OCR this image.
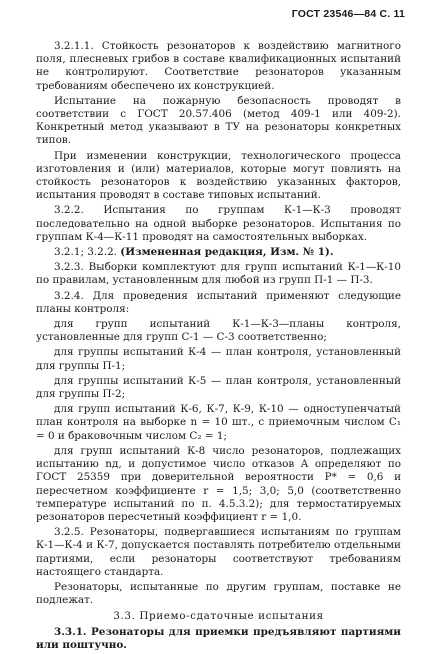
ГОСТ 23546—84 С. 11

3.2.1.1. Стойкость резонаторов к воздействию магнитного поля, плесневых грибов в составе квалификационных испытаний не контролируют. Соответствие резонаторов указанным требованиям обеспечено их конструкцией.

Испытание на пожарную безопасность проводят в соответствии с ГОСТ 20.57.406 (метод 409-1 или 409-2). Конкретный метод указывают в ТУ на резонаторы конкретных типов.

При изменении конструкции, технологического процесса изготовления и (или) материалов, которые могут повлиять на стойкость резонаторов к воздействию указанных факторов, испытания проводят в составе типовых испытаний.

3.2.2. Испытания по группам К-1—К-3 проводят последовательно на одной выборке резонаторов. Испытания по группам К-4—К-11 проводят на самостоятельных выборках.

3.2.1; 3.2.2. (Измененная редакция, Изм. № 1).

3.2.3. Выборки комплектуют для групп испытаний К-1—К-10 по правилам, установленным для любой из групп П-1 — П-3.

3.2.4. Для проведения испытаний применяют следующие планы контроля:

для групп испытаний К-1—К-3—планы контроля, установленные для групп С-1 — С-3 соответственно;

для группы испытаний К-4 — план контроля, установленный для группы П-1;

для группы испытаний К-5 — план контроля, установленный для группы П-2;

для групп испытаний К-6, К-7, К-9, К-10 — одноступенчатый план контроля на выборке n = 10 шт., с приемочным числом C₁ = 0 и браковочным числом C₂ = 1;

для групп испытаний К-8 число резонаторов, подлежащих испытанию nд, и допустимое число отказов A определяют по ГОСТ 25359 при доверительной вероятности P* = 0,6 и пересчетном коэффициенте r = 1,5; 3,0; 5,0 (соответственно температуре испытаний по п. 4.5.3.2); для термостатируемых резонаторов пересчетный коэффициент r = 1,0.

3.2.5. Резонаторы, подвергавшиеся испытаниям по группам К-1—К-4 и К-7, допускается поставлять потребителю отдельными партиями, если резонаторы соответствуют требованиям настоящего стандарта.

Резонаторы, испытанные по другим группам, поставке не подлежат.

3.3. Приемо-сдаточные испытания

3.3.1. Резонаторы для приемки предъявляют партиями или поштучно.
